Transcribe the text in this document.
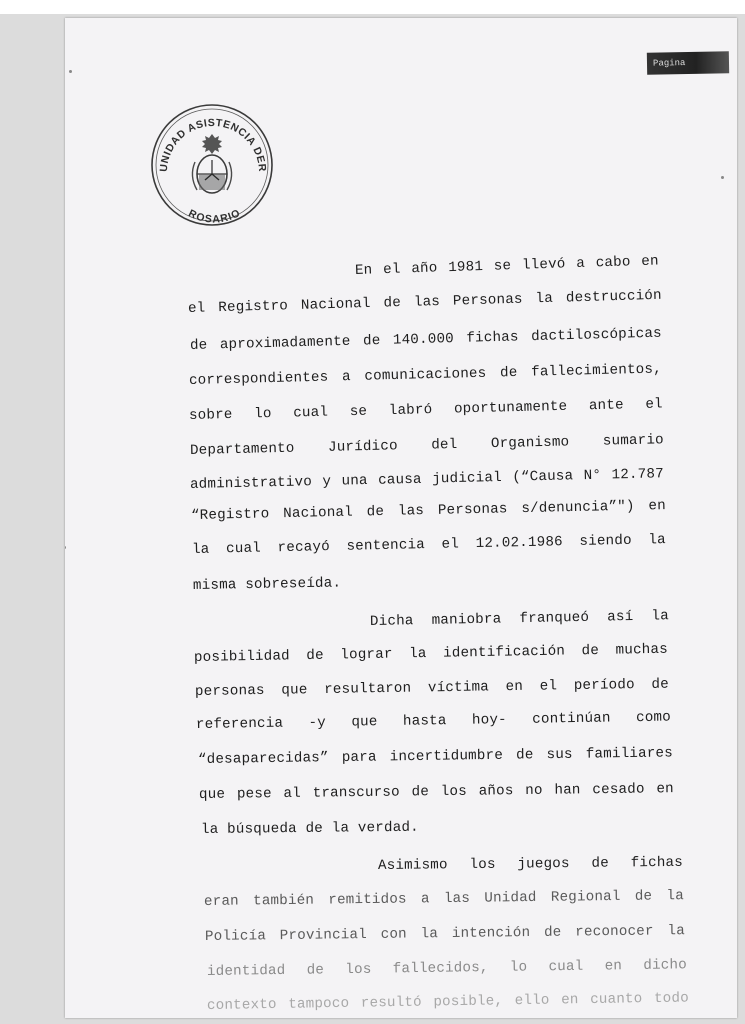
Pagina
UNIDAD ASISTENCIA DER
ROSARIO
En el año 1981 se llevó a cabo en
el Registro Nacional de las Personas la destrucción
de aproximadamente de 140.000 fichas dactiloscópicas
correspondientes a comunicaciones de fallecimientos,
sobre lo cual se labró oportunamente ante el
Departamento Jurídico del Organismo sumario
administrativo y una causa judicial (“Causa N° 12.787
“Registro Nacional de las Personas s/denuncia”") en
la cual recayó sentencia el 12.02.1986 siendo la
misma sobreseída.
Dicha maniobra franqueó así la
posibilidad de lograr la identificación de muchas
personas que resultaron víctima en el período de
referencia -y que hasta hoy- continúan como
“desaparecidas” para incertidumbre de sus familiares
que pese al transcurso de los años no han cesado en
la búsqueda de la verdad.
Asimismo los juegos de fichas
eran también remitidos a las Unidad Regional de la
Policía Provincial con la intención de reconocer la
identidad de los fallecidos, lo cual en dicho
contexto tampoco resultó posible, ello en cuanto todo
